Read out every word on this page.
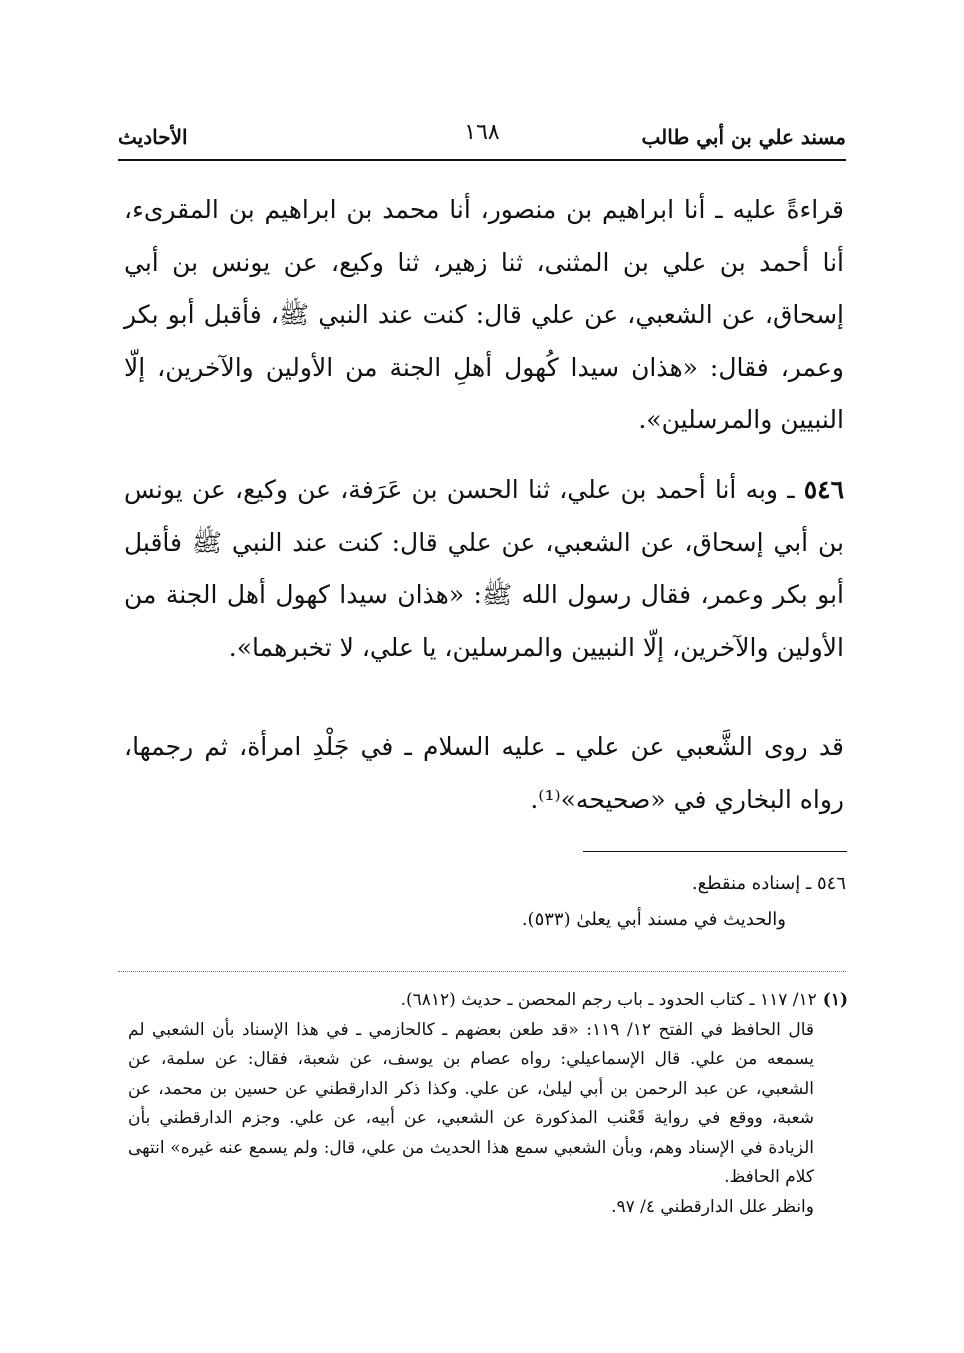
مسند علي بن أبي طالب
١٦٨
الأحاديث

قراءةً عليه ـ أنا ابراهيم بن منصور، أنا محمد بن ابراهيم بن المقرىء، أنا أحمد بن علي بن المثنى، ثنا زهير، ثنا وكيع، عن يونس بن أبي إسحاق، عن الشعبي، عن علي قال: كنت عند النبي ﷺ، فأقبل أبو بكر وعمر، فقال: «هذان سيدا كُهول أهلِ الجنة من الأولين والآخرين، إلّا النبيين والمرسلين».

٥٤٦ ـ وبه أنا أحمد بن علي، ثنا الحسن بن عَرَفة، عن وكيع، عن يونس بن أبي إسحاق، عن الشعبي، عن علي قال: كنت عند النبي ﷺ فأقبل أبو بكر وعمر، فقال رسول الله ﷺ: «هذان سيدا كهول أهل الجنة من الأولين والآخرين، إلّا النبيين والمرسلين، يا علي، لا تخبرهما».

قد روى الشَّعبي عن علي ـ عليه السلام ـ في جَلْدِ امرأة، ثم رجمها، رواه البخاري في «صحيحه»⁽¹⁾.

٥٤٦ ـ إسناده منقطع.
والحديث في مسند أبي يعلىٰ (٥٣٣).
(١)
١٢/ ١١٧ ـ كتاب الحدود ـ باب رجم المحصن ـ حديث (٦٨١٢).

قال الحافظ في الفتح ١٢/ ١١٩: «قد طعن بعضهم ـ كالحازمي ـ في هذا الإسناد بأن الشعبي لم يسمعه من علي. قال الإسماعيلي: رواه عصام بن يوسف، عن شعبة، فقال: عن سلمة، عن الشعبي، عن عبد الرحمن بن أبي ليلىٰ، عن علي. وكذا ذكر الدارقطني عن حسين بن محمد، عن شعبة، ووقع في رواية قَعْنب المذكورة عن الشعبي، عن أبيه، عن علي. وجزم الدارقطني بأن الزيادة في الإسناد وهم، وبأن الشعبي سمع هذا الحديث من علي، قال: ولم يسمع عنه غيره» انتهى كلام الحافظ.

وانظر علل الدارقطني ٤/ ٩٧.
